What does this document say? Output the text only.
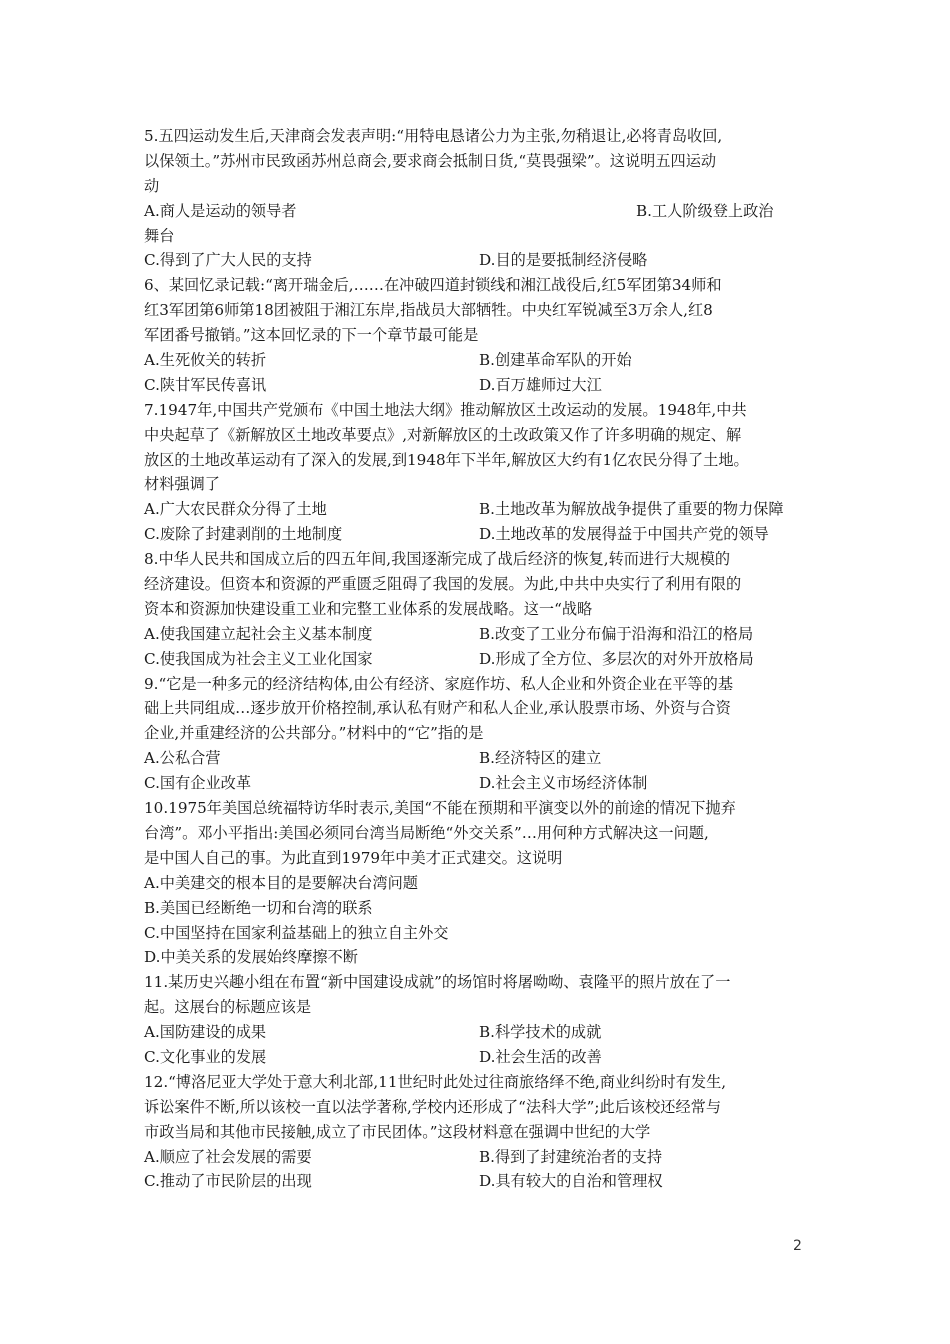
5.五四运动发生后,天津商会发表声明:“用特电恳诸公力为主张,勿稍退让,必将青岛收回,
以保领土。”苏州市民致函苏州总商会,要求商会抵制日货,“莫畏强梁”。这说明五四运动
动
A.商人是运动的领导者	B.工人阶级登上政治
舞台
C.得到了广大人民的支持	D.目的是要抵制经济侵略
6、某回忆录记载:“离开瑞金后,……在冲破四道封锁线和湘江战役后,红5军团第34师和
红3军团第6师第18团被阻于湘江东岸,指战员大部牺牲。中央红军锐减至3万余人,红8
军团番号撤销。”这本回忆录的下一个章节最可能是
A.生死攸关的转折	B.创建革命军队的开始
C.陕甘军民传喜讯	D.百万雄师过大江
7.1947年,中国共产党颁布《中国土地法大纲》推动解放区土改运动的发展。1948年,中共
中央起草了《新解放区土地改革要点》,对新解放区的土改政策又作了许多明确的规定、解
放区的土地改革运动有了深入的发展,到1948年下半年,解放区大约有1亿农民分得了土地。
材料强调了
A.广大农民群众分得了土地	B.土地改革为解放战争提供了重要的物力保障
C.废除了封建剥削的土地制度	D.土地改革的发展得益于中国共产党的领导
8.中华人民共和国成立后的四五年间,我国逐渐完成了战后经济的恢复,转而进行大规模的
经济建设。但资本和资源的严重匮乏阻碍了我国的发展。为此,中共中央实行了利用有限的
资本和资源加快建设重工业和完整工业体系的发展战略。这一“战略
A.使我国建立起社会主义基本制度	B.改变了工业分布偏于沿海和沿江的格局
C.使我国成为社会主义工业化国家	D.形成了全方位、多层次的对外开放格局
9.“它是一种多元的经济结构体,由公有经济、家庭作坊、私人企业和外资企业在平等的基
础上共同组成…逐步放开价格控制,承认私有财产和私人企业,承认股票市场、外资与合资
企业,并重建经济的公共部分。”材料中的“它”指的是
A.公私合营	B.经济特区的建立
C.国有企业改革	D.社会主义市场经济体制
10.1975年美国总统福特访华时表示,美国“不能在预期和平演变以外的前途的情况下抛弃
台湾”。邓小平指出:美国必须同台湾当局断绝“外交关系”…用何种方式解决这一问题,
是中国人自己的事。为此直到1979年中美才正式建交。这说明
A.中美建交的根本目的是要解决台湾问题
B.美国已经断绝一切和台湾的联系
C.中国坚持在国家利益基础上的独立自主外交
D.中美关系的发展始终摩擦不断
11.某历史兴趣小组在布置“新中国建设成就”的场馆时将屠呦呦、袁隆平的照片放在了一
起。这展台的标题应该是
A.国防建设的成果	B.科学技术的成就
C.文化事业的发展	D.社会生活的改善
12.“博洛尼亚大学处于意大利北部,11世纪时此处过往商旅络绎不绝,商业纠纷时有发生,
诉讼案件不断,所以该校一直以法学著称,学校内还形成了“法科大学”;此后该校还经常与
市政当局和其他市民接触,成立了市民团体。”这段材料意在强调中世纪的大学
A.顺应了社会发展的需要	B.得到了封建统治者的支持
C.推动了市民阶层的出现	D.具有较大的自治和管理权
2
